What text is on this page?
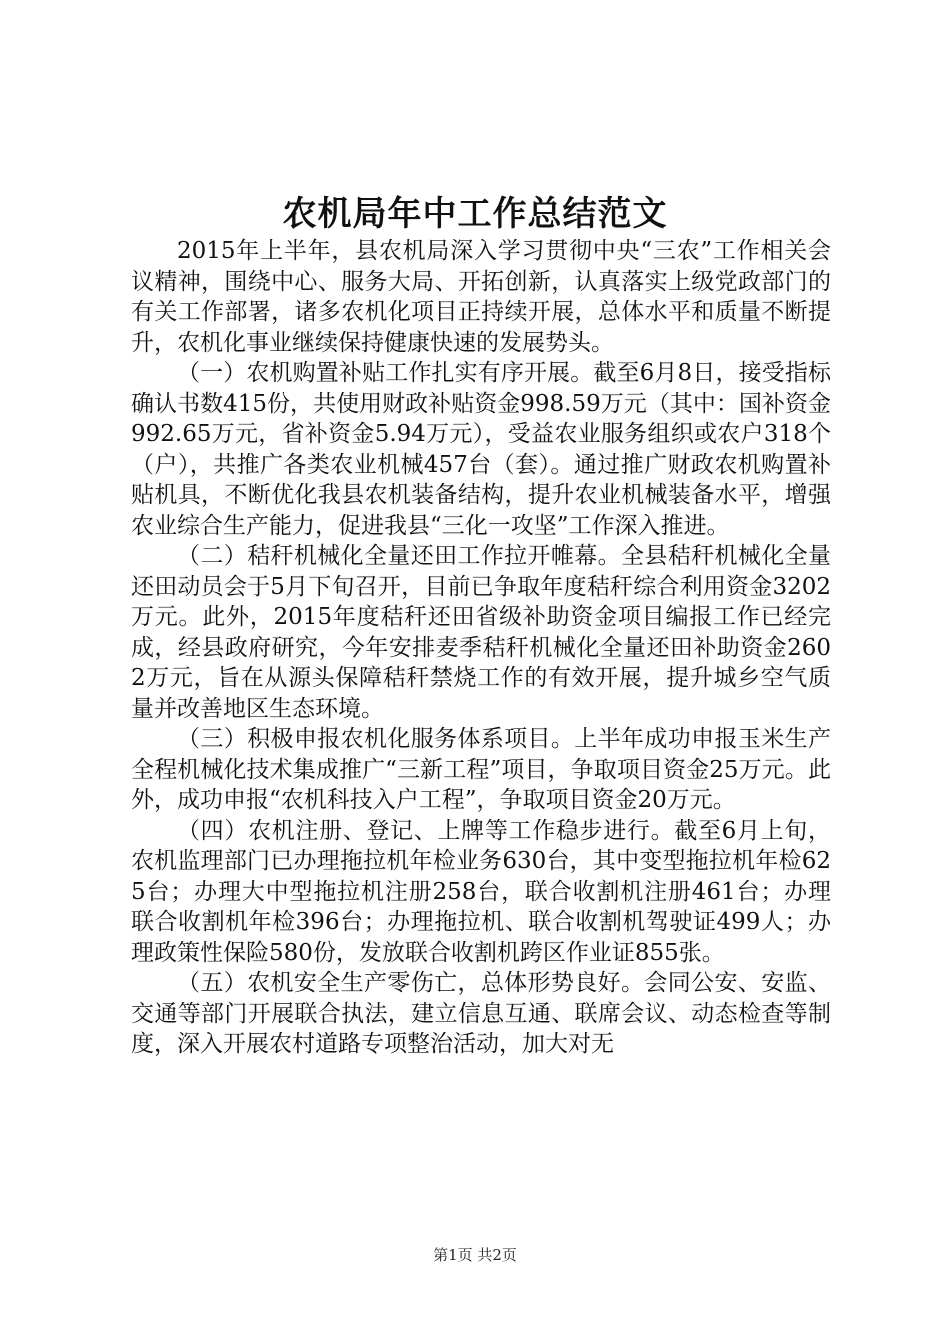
农机局年中工作总结范文

2015年上半年，县农机局深入学习贯彻中央“三农”工作相关会议精神，围绕中心、服务大局、开拓创新，认真落实上级党政部门的有关工作部署，诸多农机化项目正持续开展，总体水平和质量不断提升，农机化事业继续保持健康快速的发展势头。

（一）农机购置补贴工作扎实有序开展。截至6月8日，接受指标确认书数415份，共使用财政补贴资金998.59万元（其中：国补资金992.65万元，省补资金5.94万元），受益农业服务组织或农户318个（户），共推广各类农业机械457台（套）。通过推广财政农机购置补贴机具，不断优化我县农机装备结构，提升农业机械装备水平，增强农业综合生产能力，促进我县“三化一攻坚”工作深入推进。

（二）秸秆机械化全量还田工作拉开帷幕。全县秸秆机械化全量还田动员会于5月下旬召开，目前已争取年度秸秆综合利用资金3202万元。此外，2015年度秸秆还田省级补助资金项目编报工作已经完成，经县政府研究，今年安排麦季秸秆机械化全量还田补助资金2602万元，旨在从源头保障秸秆禁烧工作的有效开展，提升城乡空气质量并改善地区生态环境。

（三）积极申报农机化服务体系项目。上半年成功申报玉米生产全程机械化技术集成推广“三新工程”项目，争取项目资金25万元。此外，成功申报“农机科技入户工程”，争取项目资金20万元。

（四）农机注册、登记、上牌等工作稳步进行。截至6月上旬，农机监理部门已办理拖拉机年检业务630台，其中变型拖拉机年检625台；办理大中型拖拉机注册258台，联合收割机注册461台；办理联合收割机年检396台；办理拖拉机、联合收割机驾驶证499人；办理政策性保险580份，发放联合收割机跨区作业证855张。

（五）农机安全生产零伤亡，总体形势良好。会同公安、安监、交通等部门开展联合执法，建立信息互通、联席会议、动态检查等制度，深入开展农村道路专项整治活动，加大对无

第1页 共2页
